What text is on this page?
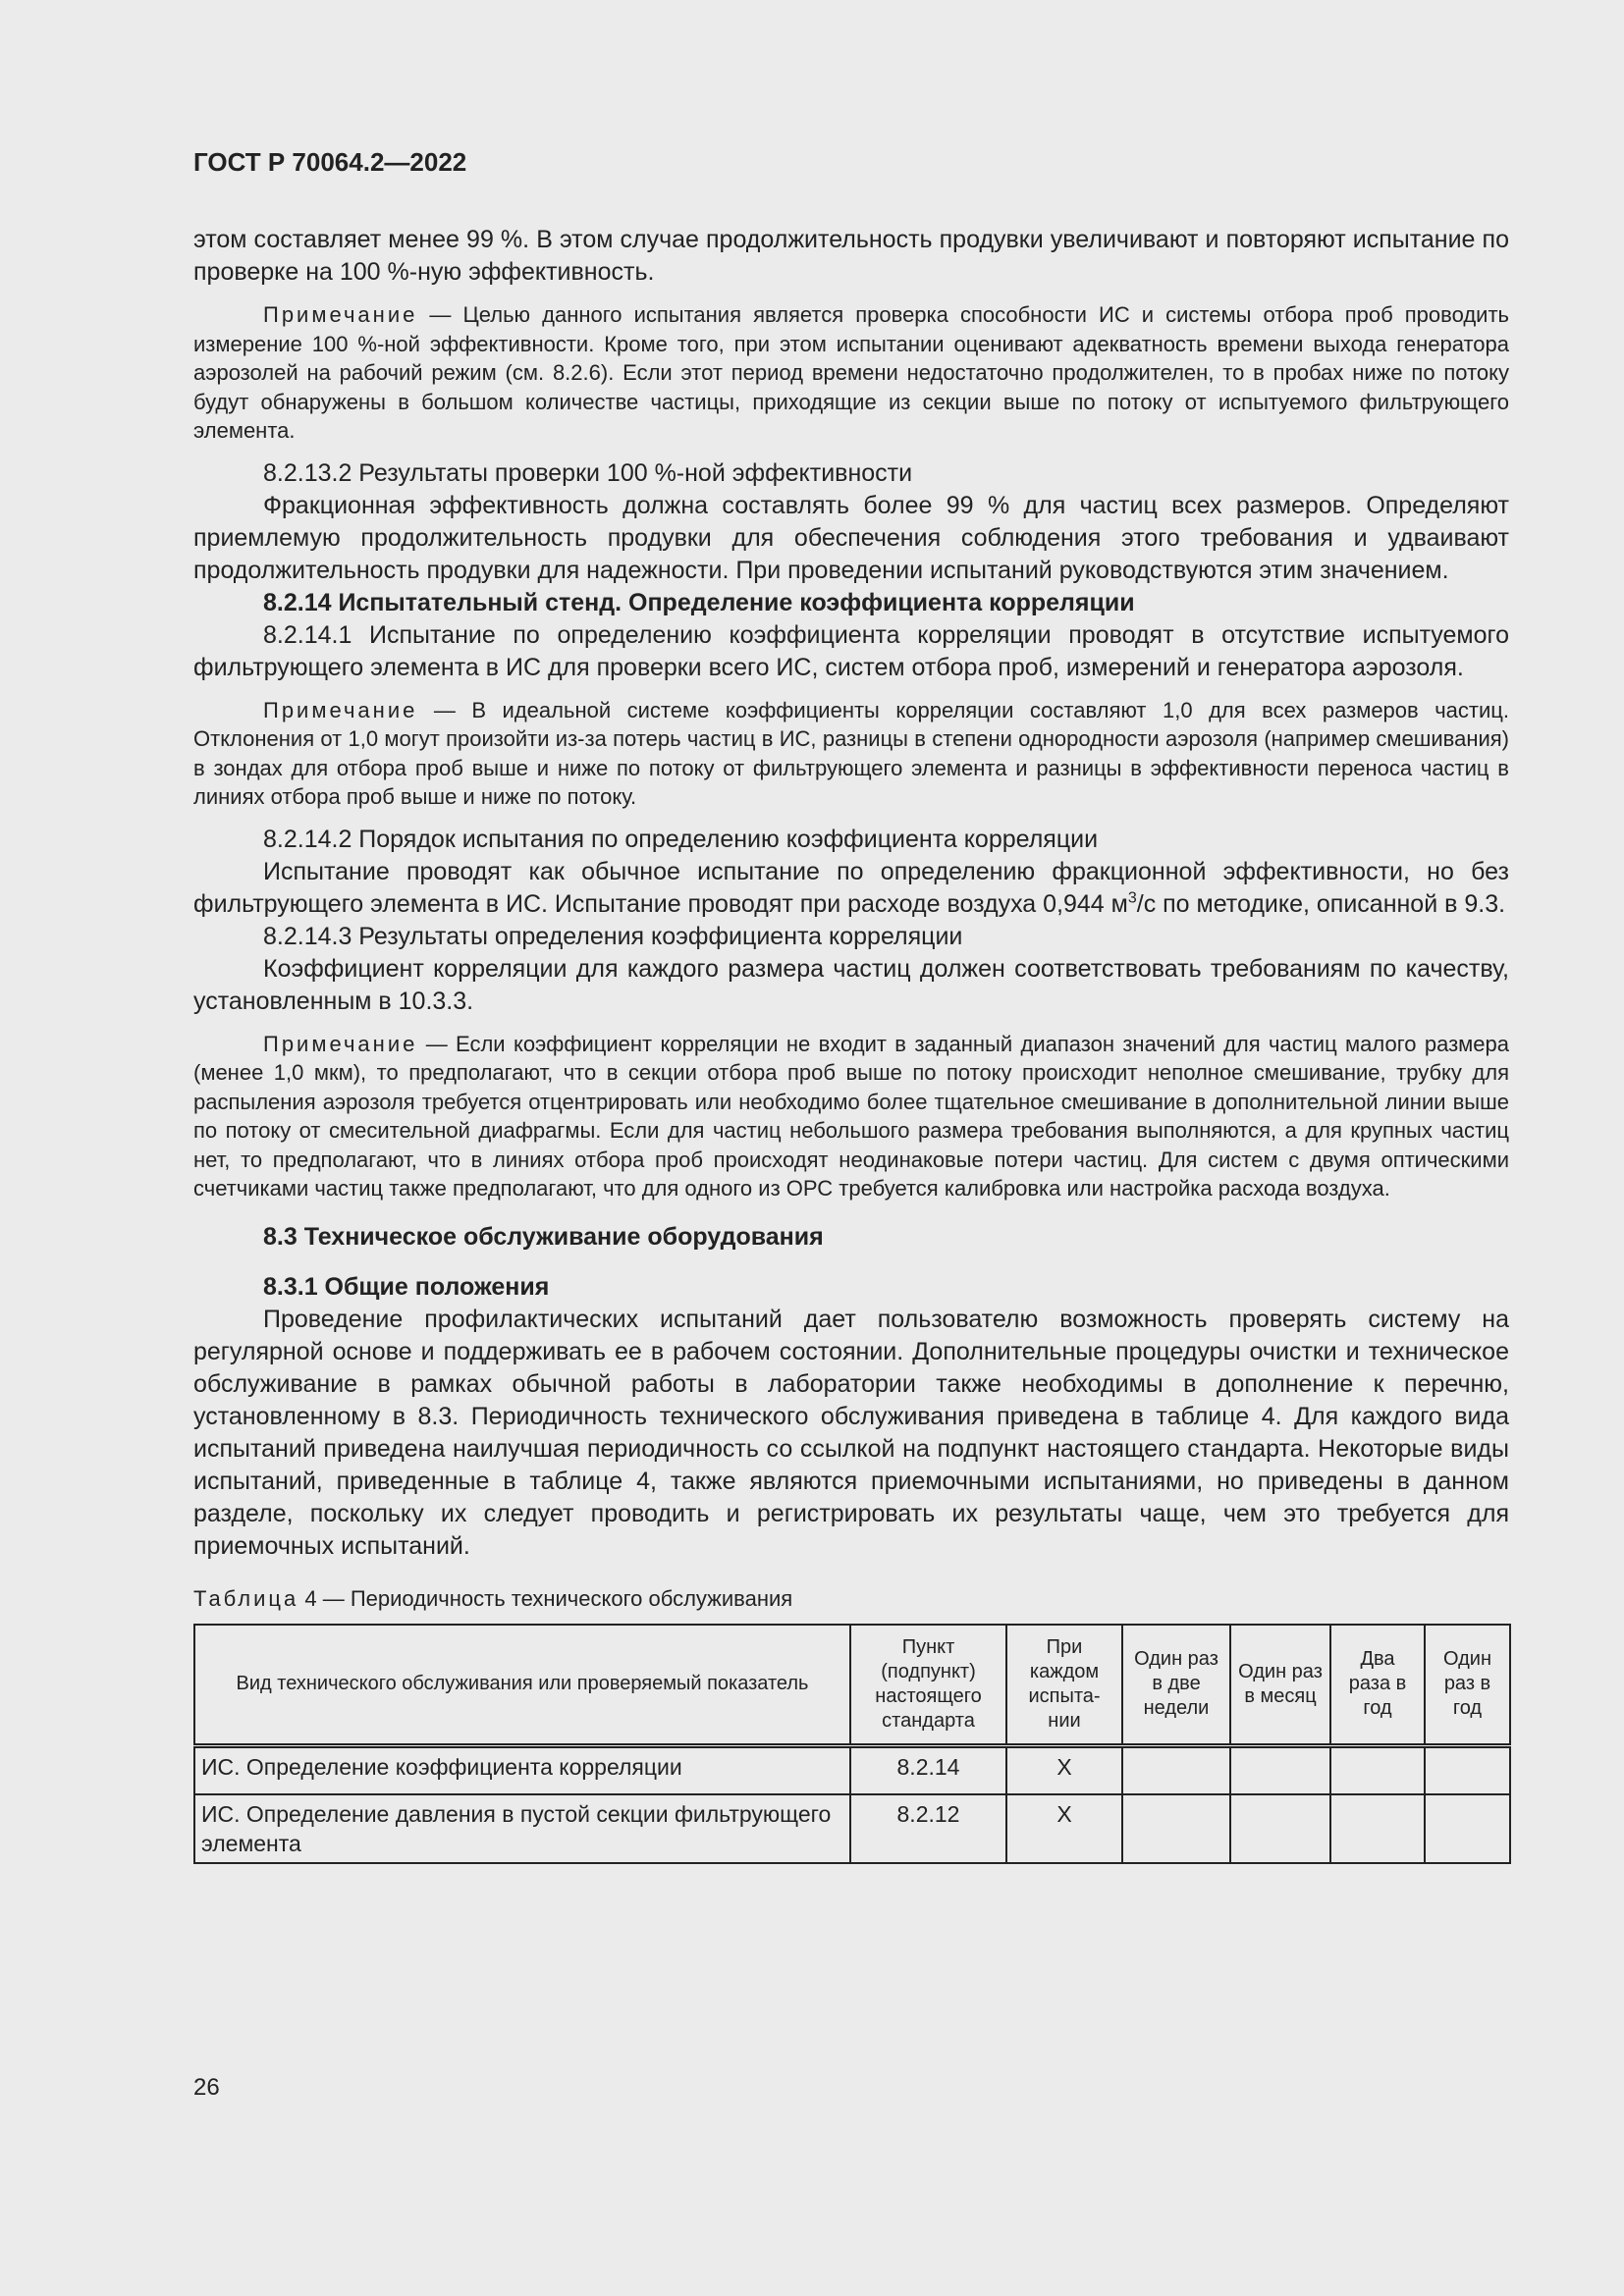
ГОСТ Р 70064.2—2022

этом составляет менее 99 %. В этом случае продолжительность продувки увеличивают и повторяют испытание по проверке на 100 %-ную эффективность.

Примечание — Целью данного испытания является проверка способности ИС и системы отбора проб проводить измерение 100 %-ной эффективности. Кроме того, при этом испытании оценивают адекватность времени выхода генератора аэрозолей на рабочий режим (см. 8.2.6). Если этот период времени недостаточно продолжителен, то в пробах ниже по потоку будут обнаружены в большом количестве частицы, приходящие из секции выше по потоку от испытуемого фильтрующего элемента.

8.2.13.2 Результаты проверки 100 %-ной эффективности

Фракционная эффективность должна составлять более 99 % для частиц всех размеров. Определяют приемлемую продолжительность продувки для обеспечения соблюдения этого требования и удваивают продолжительность продувки для надежности. При проведении испытаний руководствуются этим значением.

8.2.14 Испытательный стенд. Определение коэффициента корреляции

8.2.14.1 Испытание по определению коэффициента корреляции проводят в отсутствие испытуемого фильтрующего элемента в ИС для проверки всего ИС, систем отбора проб, измерений и генератора аэрозоля.

Примечание — В идеальной системе коэффициенты корреляции составляют 1,0 для всех размеров частиц. Отклонения от 1,0 могут произойти из-за потерь частиц в ИС, разницы в степени однородности аэрозоля (например смешивания) в зондах для отбора проб выше и ниже по потоку от фильтрующего элемента и разницы в эффективности переноса частиц в линиях отбора проб выше и ниже по потоку.

8.2.14.2 Порядок испытания по определению коэффициента корреляции

Испытание проводят как обычное испытание по определению фракционной эффективности, но без фильтрующего элемента в ИС. Испытание проводят при расходе воздуха 0,944 $м^3/с$ по методике, описанной в 9.3.

8.2.14.3 Результаты определения коэффициента корреляции

Коэффициент корреляции для каждого размера частиц должен соответствовать требованиям по качеству, установленным в 10.3.3.

Примечание — Если коэффициент корреляции не входит в заданный диапазон значений для частиц малого размера (менее 1,0 мкм), то предполагают, что в секции отбора проб выше по потоку происходит неполное смешивание, трубку для распыления аэрозоля требуется отцентрировать или необходимо более тщательное смешивание в дополнительной линии выше по потоку от смесительной диафрагмы. Если для частиц небольшого размера требования выполняются, а для крупных частиц нет, то предполагают, что в линиях отбора проб происходят неодинаковые потери частиц. Для систем с двумя оптическими счетчиками частиц также предполагают, что для одного из ОРС требуется калибровка или настройка расхода воздуха.

8.3 Техническое обслуживание оборудования

8.3.1 Общие положения

Проведение профилактических испытаний дает пользователю возможность проверять систему на регулярной основе и поддерживать ее в рабочем состоянии. Дополнительные процедуры очистки и техническое обслуживание в рамках обычной работы в лаборатории также необходимы в дополнение к перечню, установленному в 8.3. Периодичность технического обслуживания приведена в таблице 4. Для каждого вида испытаний приведена наилучшая периодичность со ссылкой на подпункт настоящего стандарта. Некоторые виды испытаний, приведенные в таблице 4, также являются приемочными испытаниями, но приведены в данном разделе, поскольку их следует проводить и регистрировать их результаты чаще, чем это требуется для приемочных испытаний.

Таблица 4 — Периодичность технического обслуживания
Вид технического обслуживания или проверяемый показатель	Пункт (подпункт) настоящего стандарта	При каждом испыта-нии	Один раз в две недели	Один раз в месяц	Два раза в год	Один раз в год
ИС. Определение коэффициента корреляции	8.2.14	X				
ИС. Определение давления в пустой секции фильтрующего элемента	8.2.12	X				
26
